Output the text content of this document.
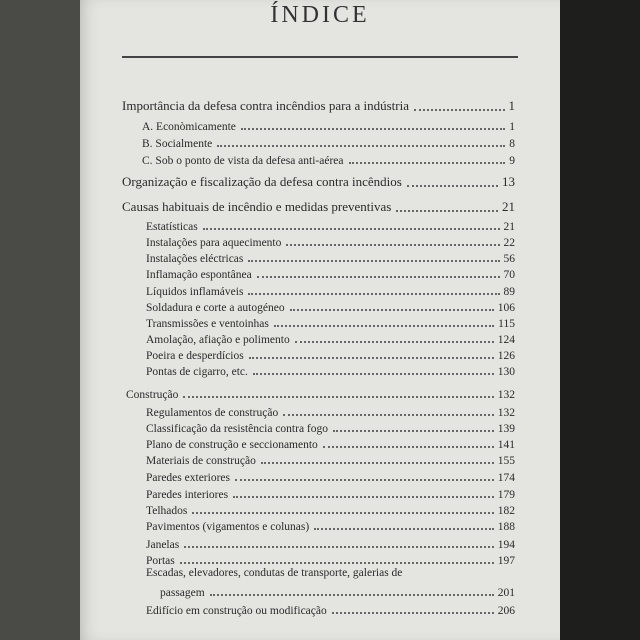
ÍNDICE
Importância da defesa contra incêndios para a indústria	1
A. Econòmicamente	1
B. Socialmente	8
C. Sob o ponto de vista da defesa anti-aérea	9
Organização e fiscalização da defesa contra incêndios	13
Causas habituais de incêndio e medidas preventivas	21
Estatísticas	21
Instalações para aquecimento	22
Instalações eléctricas	56
Inflamação espontânea	70
Líquidos inflamáveis	89
Soldadura e corte a autogéneo	106
Transmissões e ventoinhas	115
Amolação, afiação e polimento	124
Poeira e desperdícios	126
Pontas de cigarro, etc.	130
Construção	132
Regulamentos de construção	132
Classificação da resistência contra fogo	139
Plano de construção e seccionamento	141
Materiais de construção	155
Paredes exteriores	174
Paredes interiores	179
Telhados	182
Pavimentos (vigamentos e colunas)	188
Janelas	194
Portas	197
Escadas, elevadores, condutas de transporte, galerias de
passagem	201
Edifício em construção ou modificação	206
